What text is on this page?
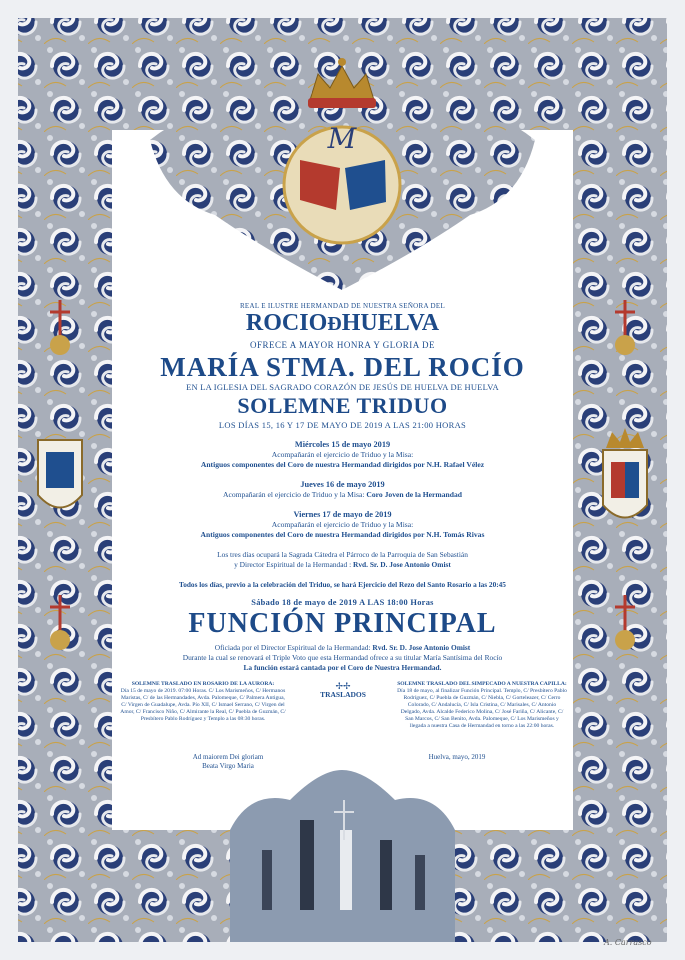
M
REAL E ILUSTRE HERMANDAD DE NUESTRA SEÑORA DEL
ROCIOĐHUELVA
OFRECE A MAYOR HONRA Y GLORIA DE
MARÍA STMA. DEL ROCÍO
EN LA IGLESIA DEL SAGRADO CORAZÓN DE JESÚS DE HUELVA DE HUELVA
SOLEMNE TRIDUO
LOS DÍAS 15, 16 Y 17 DE MAYO DE 2019 A LAS 21:00 HORAS
Miércoles 15 de mayo 2019
Acompañarán el ejercicio de Triduo y la Misa:
Antiguos componentes del Coro de nuestra Hermandad dirigidos por N.H. Rafael Vélez
Jueves 16 de mayo 2019
Acompañarán el ejercicio de Triduo y la Misa: Coro Joven de la Hermandad
Viernes 17 de mayo de 2019
Acompañarán el ejercicio de Triduo y la Misa:
Antiguos componentes del Coro de nuestra Hermandad dirigidos por N.H. Tomás Rivas
Los tres días ocupará la Sagrada Cátedra el Párroco de la Parroquia de San Sebastián
y Director Espiritual de la Hermandad : Rvd. Sr. D. Jose Antonio Omist
Todos los días, previo a la celebración del Triduo, se hará Ejercicio del Rezo del Santo Rosario a las 20:45
Sábado 18 de mayo de 2019 A LAS 18:00 Horas
FUNCIÓN PRINCIPAL
Oficiada por el Director Espiritual de la Hermandad: Rvd. Sr. D. Jose Antonio Omist
Durante la cual se renovará el Triple Voto que esta Hermandad ofrece a su titular María Santísima del Rocío
La función estará cantada por el Coro de Nuestra Hermandad.
SOLEMNE TRASLADO EN ROSARIO DE LA AURORA:
Día 15 de mayo de 2019. 07:00 Horas. C/ Los Marismeños, C/ Hermanos Maristas, C/ de las Hermandades, Avda. Palomeque, C/ Palmera Antigua, C/ Virgen de Guadalupe, Avda. Pío XII, C/ Ismael Serrano, C/ Virgen del Amor, C/ Francisco Niño, C/ Almirante la Real, C/ Puebla de Guzmán, C/ Presbítero Pablo Rodríguez y Templo a las 08:30 horas.
✢✢
TRASLADOS
SOLEMNE TRASLADO DEL SIMPECADO A NUESTRA CAPILLA:
Día 18 de mayo, al finalizar Función Principal. Templo, C/ Presbítero Pablo Rodríguez, C/ Puebla de Guzmán, C/ Niebla, C/ Gorteleazer, C/ Cerro Colorado, C/ Andalucía, C/ Isla Cristina, C/ Marisales, C/ Antonio Delgado, Avda. Alcalde Federico Molina, C/ José Fariña, C/ Alicante, C/ San Marcos, C/ San Benito, Avda. Palomeque, C/ Los Marismeños y llegada a nuestra Casa de Hermandad en torno a las 22:00 horas.
Ad maiorem Dei gloriam
Beata Virgo Maria
Huelva, mayo, 2019
A. Carrasco
